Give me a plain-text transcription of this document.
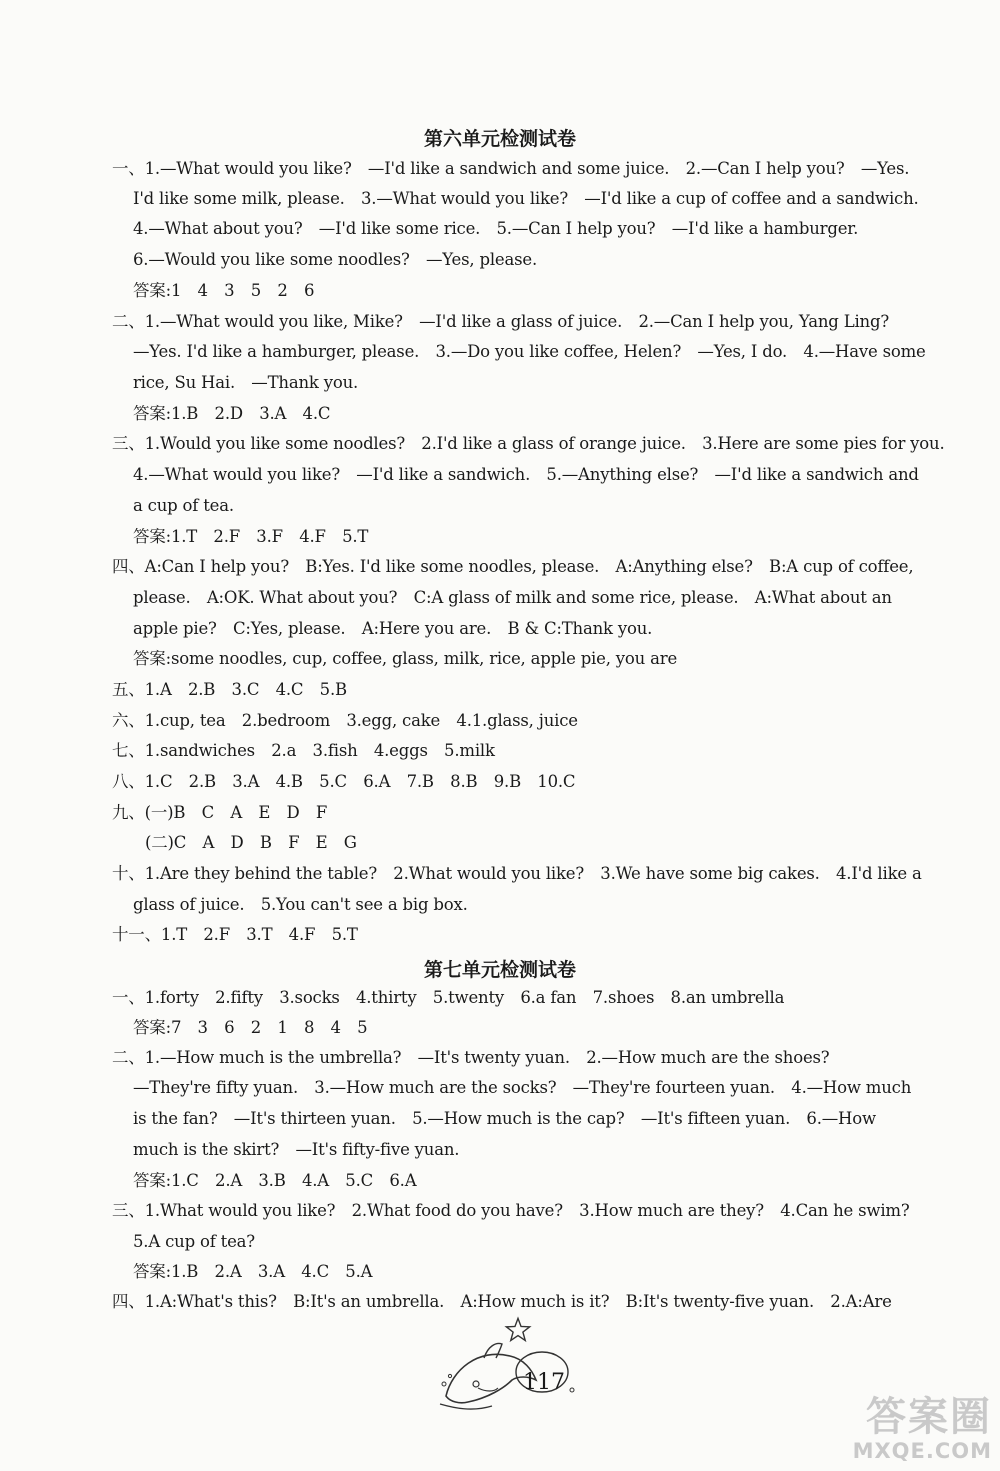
第六单元检测试卷
一、1.—What would you like?　—I'd like a sandwich and some juice.　2.—Can I help you?　—Yes.
I'd like some milk, please.　3.—What would you like?　—I'd like a cup of coffee and a sandwich.
4.—What about you?　—I'd like some rice.　5.—Can I help you?　—I'd like a hamburger.
6.—Would you like some noodles?　—Yes, please.
答案:1　4　3　5　2　6
二、1.—What would you like, Mike?　—I'd like a glass of juice.　2.—Can I help you, Yang Ling?
—Yes. I'd like a hamburger, please.　3.—Do you like coffee, Helen?　—Yes, I do.　4.—Have some
rice, Su Hai.　—Thank you.
答案:1.B　2.D　3.A　4.C
三、1.Would you like some noodles?　2.I'd like a glass of orange juice.　3.Here are some pies for you.
4.—What would you like?　—I'd like a sandwich.　5.—Anything else?　—I'd like a sandwich and
a cup of tea.
答案:1.T　2.F　3.F　4.F　5.T
四、A:Can I help you?　B:Yes. I'd like some noodles, please.　A:Anything else?　B:A cup of coffee,
please.　A:OK. What about you?　C:A glass of milk and some rice, please.　A:What about an
apple pie?　C:Yes, please.　A:Here you are.　B & C:Thank you.
答案:some noodles, cup, coffee, glass, milk, rice, apple pie, you are
五、1.A　2.B　3.C　4.C　5.B
六、1.cup, tea　2.bedroom　3.egg, cake　4.1.glass, juice
七、1.sandwiches　2.a　3.fish　4.eggs　5.milk
八、1.C　2.B　3.A　4.B　5.C　6.A　7.B　8.B　9.B　10.C
九、(一)B　C　A　E　D　F
(二)C　A　D　B　F　E　G
十、1.Are they behind the table?　2.What would you like?　3.We have some big cakes.　4.I'd like a
glass of juice.　5.You can't see a big box.
十一、1.T　2.F　3.T　4.F　5.T
第七单元检测试卷
一、1.forty　2.fifty　3.socks　4.thirty　5.twenty　6.a fan　7.shoes　8.an umbrella
答案:7　3　6　2　1　8　4　5
二、1.—How much is the umbrella?　—It's twenty yuan.　2.—How much are the shoes?
—They're fifty yuan.　3.—How much are the socks?　—They're fourteen yuan.　4.—How much
is the fan?　—It's thirteen yuan.　5.—How much is the cap?　—It's fifteen yuan.　6.—How
much is the skirt?　—It's fifty-five yuan.
答案:1.C　2.A　3.B　4.A　5.C　6.A
三、1.What would you like?　2.What food do you have?　3.How much are they?　4.Can he swim?
5.A cup of tea?
答案:1.B　2.A　3.A　4.C　5.A
四、1.A:What's this?　B:It's an umbrella.　A:How much is it?　B:It's twenty-five yuan.　2.A:Are
117
答案圈
MXQE.COM
